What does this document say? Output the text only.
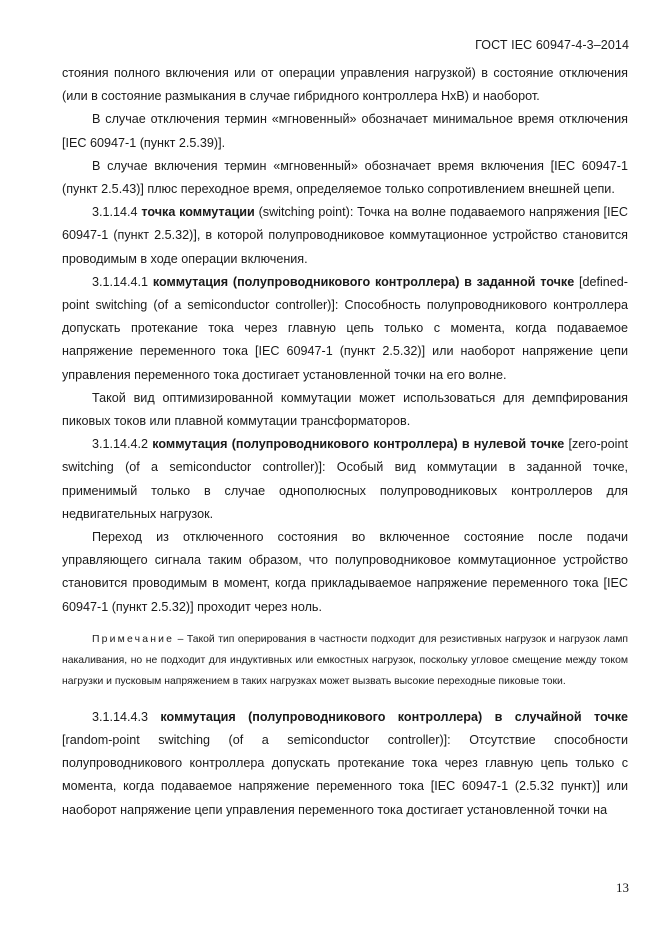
ГОСТ IEC 60947-4-3–2014

стояния полного включения или от операции управления нагрузкой) в состояние отключения (или в состояние размыкания в случае гибридного контроллера HxB) и наоборот.

В случае отключения термин «мгновенный» обозначает минимальное время отключения [IEC 60947-1 (пункт 2.5.39)].

В случае включения термин «мгновенный» обозначает время включения [IEC 60947-1 (пункт 2.5.43)] плюс переходное время, определяемое только сопротивлением внешней цепи.

3.1.14.4 точка коммутации (switching point): Точка на волне подаваемого напряжения [IEC 60947-1 (пункт 2.5.32)], в которой полупроводниковое коммутационное устройство становится проводимым в ходе операции включения.

3.1.14.4.1 коммутация (полупроводникового контроллера) в заданной точке [defined-point switching (of a semiconductor controller)]: Способность полупроводникового контроллера допускать протекание тока через главную цепь только с момента, когда подаваемое напряжение переменного тока [IEC 60947-1 (пункт 2.5.32)] или наоборот напряжение цепи управления переменного тока достигает установленной точки на его волне.

Такой вид оптимизированной коммутации может использоваться для демпфирования пиковых токов или плавной коммутации трансформаторов.

3.1.14.4.2 коммутация (полупроводникового контроллера) в нулевой точке [zero-point switching (of a semiconductor controller)]: Особый вид коммутации в заданной точке, применимый только в случае однополюсных полупроводниковых контроллеров для недвигательных нагрузок.

Переход из отключенного состояния во включенное состояние после подачи управляющего сигнала таким образом, что полупроводниковое коммутационное устройство становится проводимым в момент, когда прикладываемое напряжение переменного тока [IEC 60947-1 (пункт 2.5.32)] проходит через ноль.

Примечание – Такой тип оперирования в частности подходит для резистивных нагрузок и нагрузок ламп накаливания, но не подходит для индуктивных или емкостных нагрузок, поскольку угловое смещение между током нагрузки и пусковым напряжением в таких нагрузках может вызвать высокие переходные пиковые токи.

3.1.14.4.3 коммутация (полупроводникового контроллера) в случайной точке [random-point switching (of a semiconductor controller)]: Отсутствие способности полупроводникового контроллера допускать протекание тока через главную цепь только с момента, когда подаваемое напряжение переменного тока [IEC 60947-1 (2.5.32 пункт)] или наоборот напряжение цепи управления переменного тока достигает установленной точки на

13
